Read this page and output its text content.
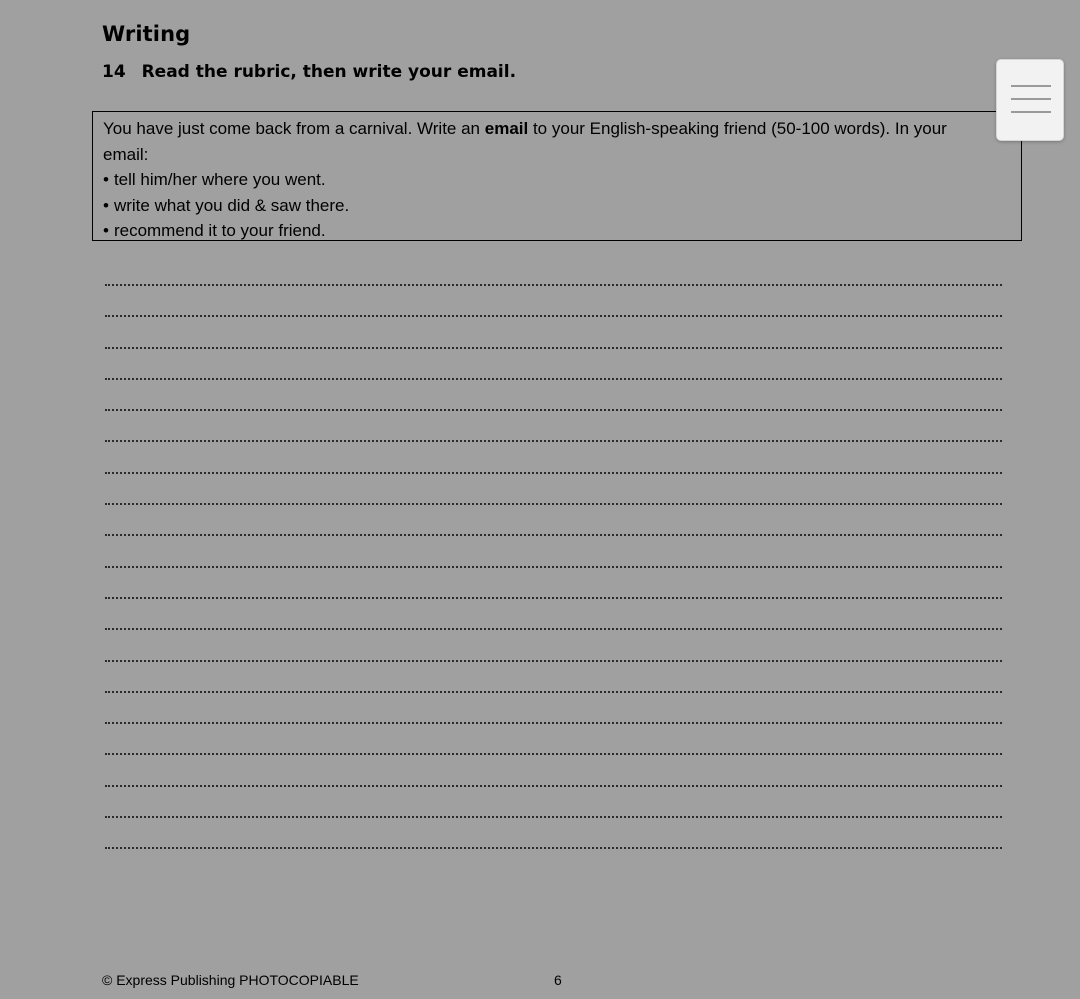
Writing
14 Read the rubric, then write your email.
You have just come back from a carnival. Write an email to your English-speaking friend (50-100 words). In your
email:
• tell him/her where you went.
• write what you did & saw there.
• recommend it to your friend.
© Express Publishing PHOTOCOPIABLE	6
